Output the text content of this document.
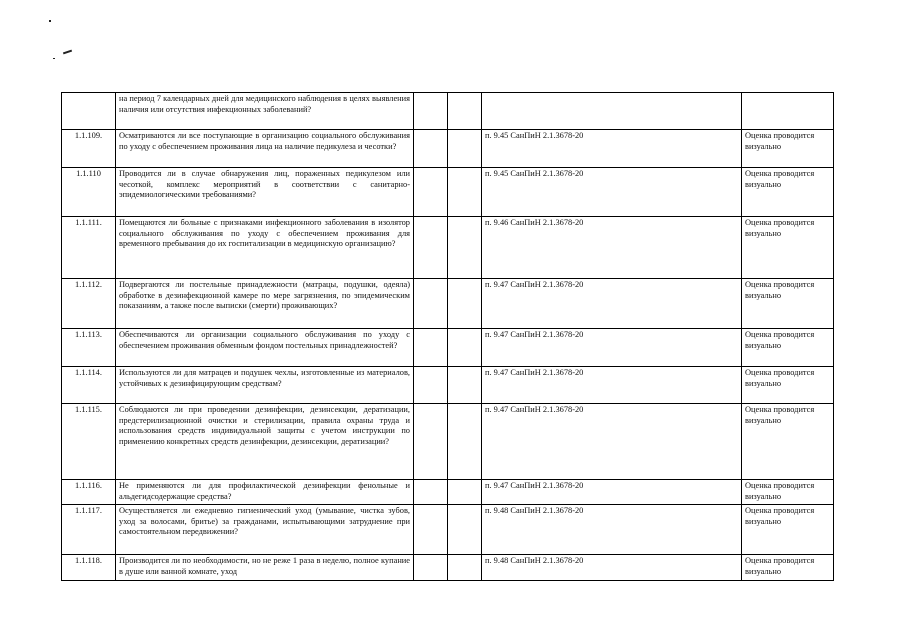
	на период 7 календарных дней для медицинского наблюдения в целях выявления наличия или отсутствия инфекционных заболеваний?				
1.1.109.	Осматриваются ли все поступающие в организацию социального обслуживания по уходу с обеспечением проживания лица на наличие педикулеза и чесотки?			п. 9.45 СанПиН 2.1.3678-20	Оценка проводится визуально
1.1.110	Проводится ли в случае обнаружения лиц, пораженных педикулезом или чесоткой, комплекс мероприятий в соответствии с санитарно-эпидемиологическими требованиями?			п. 9.45 СанПиН 2.1.3678-20	Оценка проводится визуально
1.1.111.	Помещаются ли больные с признаками инфекционного заболевания в изолятор социального обслуживания по уходу с обеспечением проживания для временного пребывания до их госпитализации в медицинскую организацию?			п. 9.46 СанПиН 2.1.3678-20	Оценка проводится визуально
1.1.112.	Подвергаются ли постельные принадлежности (матрацы, подушки, одеяла) обработке в дезинфекционной камере по мере загрязнения, по эпидемическим показаниям, а также после выписки (смерти) проживающих?			п. 9.47 СанПиН 2.1.3678-20	Оценка проводится визуально
1.1.113.	Обеспечиваются ли организации социального обслуживания по уходу с обеспечением проживания обменным фондом постельных принадлежностей?			п. 9.47 СанПиН 2.1.3678-20	Оценка проводится визуально
1.1.114.	Используются ли для матрацев и подушек чехлы, изготовленные из материалов, устойчивых к дезинфицирующим средствам?			п. 9.47 СанПиН 2.1.3678-20	Оценка проводится визуально
1.1.115.	Соблюдаются ли при проведении дезинфекции, дезинсекции, дератизации, предстерилизационной очистки и стерилизации, правила охраны труда и использования средств индивидуальной защиты с учетом инструкции по применению конкретных средств дезинфекции, дезинсекции, дератизации?			п. 9.47 СанПиН 2.1.3678-20	Оценка проводится визуально
1.1.116.	Не применяются ли для профилактической дезинфекции фенольные и альдегидсодержащие средства?			п. 9.47 СанПиН 2.1.3678-20	Оценка проводится визуально
1.1.117.	Осуществляется ли ежедневно гигиенический уход (умывание, чистка зубов, уход за волосами, бритье) за гражданами, испытывающими затруднение при самостоятельном передвижении?			п. 9.48 СанПиН 2.1.3678-20	Оценка проводится визуально
1.1.118.	Производится ли по необходимости, но не реже 1 раза в неделю, полное купание в душе или ванной комнате, уход			п. 9.48 СанПиН 2.1.3678-20	Оценка проводится визуально
